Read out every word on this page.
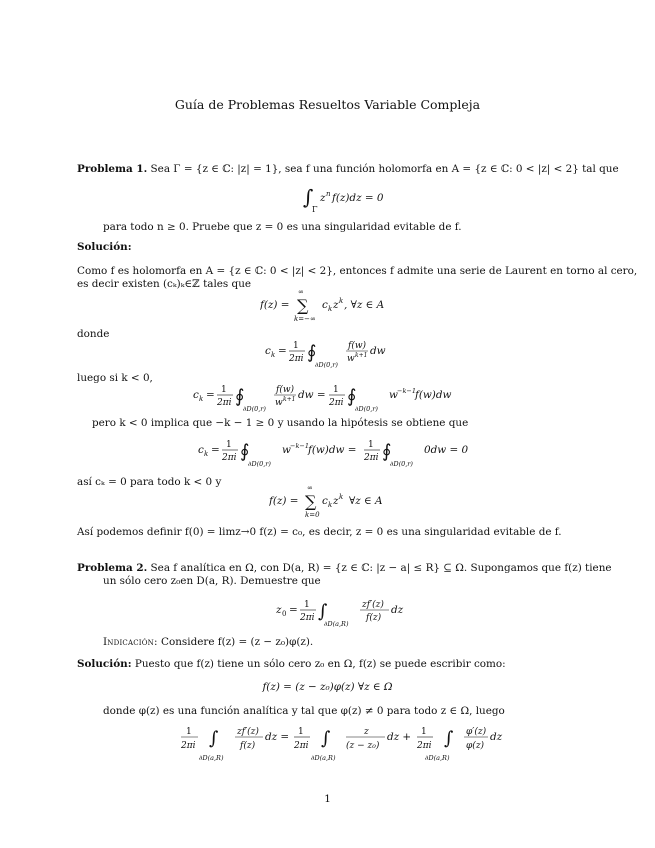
Guía de Problemas Resueltos Variable Compleja
Problema 1. Sea Γ = {z ∈ ℂ: |z| = 1}, sea f una función holomorfa en A = {z ∈ ℂ: 0 < |z| < 2} tal que
∫
Γ
z n f(z)dz = 0
para todo n ≥ 0. Pruebe que z = 0 es una singularidad evitable de f.
Solución:
Como f es holomorfa en A = {z ∈ ℂ: 0 < |z| < 2}, entonces f admite una serie de Laurent en torno al cero,
es decir existen (cₖ)ₖ∈ℤ tales que
f(z) =
∞
∑
k=−∞
c k z k , ∀z ∈ A
donde
c k = 1
2πi ∮
∂D(0,r)
f(w)
w k+1 dw
luego si k < 0,
c k = 1
2πi ∮
∂D(0,r)
f(w)
w k+1 dw = 1
2πi ∮
∂D(0,r)
w −k−1 f(w)dw
pero k < 0 implica que −k − 1 ≥ 0 y usando la hipótesis se obtiene que
c k = 1
2πi ∮
∂D(0,r)
w −k−1 f(w)dw = 1
2πi ∮
∂D(0,r)
0dw = 0
así cₖ = 0 para todo k < 0 y
f(z) =
∞
∑
k=0
c k z k ∀z ∈ A
Así podemos definir f(0) = limz→0 f(z) = c₀, es decir, z = 0 es una singularidad evitable de f.
Problema 2. Sea f analítica en Ω, con D(a, R) = {z ∈ ℂ: |z − a| ≤ R} ⊆ Ω. Supongamos que f(z) tiene
un sólo cero z₀en D(a, R). Demuestre que
z 0 = 1
2πi ∫
∂D(a,R)
zf′(z)
f(z)
dz
Indicación: Considere f(z) = (z − z₀)φ(z).
Solución: Puesto que f(z) tiene un sólo cero z₀ en Ω, f(z) se puede escribir como:
f(z) = (z − z₀)φ(z) ∀z ∈ Ω
donde φ(z) es una función analítica y tal que φ(z) ≠ 0 para todo z ∈ Ω, luego
1
2πi ∫
∂D(a,R)
zf′(z)
f(z)
dz = 1
2πi ∫
∂D(a,R)
z
(z − z₀)
dz + 1
2πi ∫
∂D(a,R)
φ′(z)
φ(z)
dz
1
